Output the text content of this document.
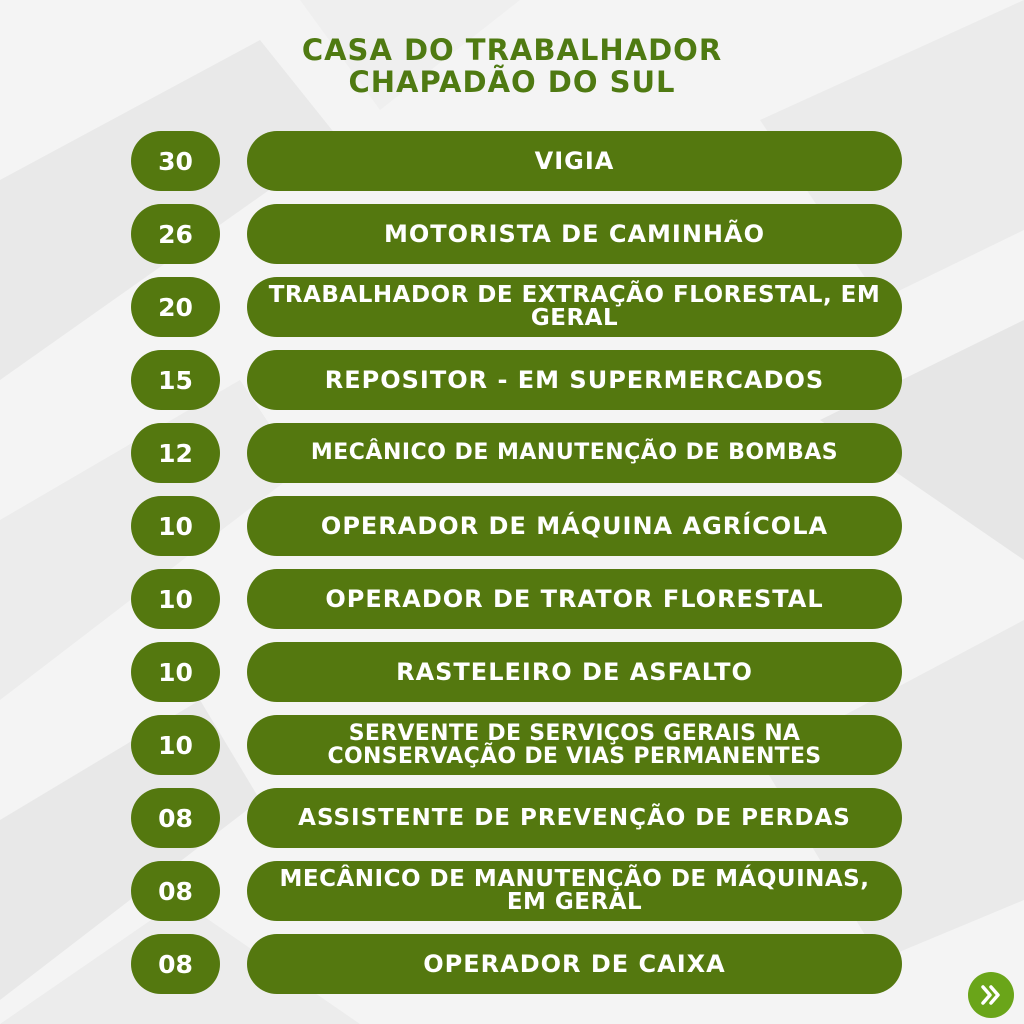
CASA DO TRABALHADOR
CHAPADÃO DO SUL
30	VIGIA
26	MOTORISTA DE CAMINHÃO
20	TRABALHADOR DE EXTRAÇÃO FLORESTAL, EM GERAL
15	REPOSITOR - EM SUPERMERCADOS
12	MECÂNICO DE MANUTENÇÃO DE BOMBAS
10	OPERADOR DE MÁQUINA AGRÍCOLA
10	OPERADOR DE TRATOR FLORESTAL
10	RASTELEIRO DE ASFALTO
10	SERVENTE DE SERVIÇOS GERAIS NA CONSERVAÇÃO DE VIAS PERMANENTES
08	ASSISTENTE DE PREVENÇÃO DE PERDAS
08	MECÂNICO DE MANUTENÇÃO DE MÁQUINAS, EM GERAL
08	OPERADOR DE CAIXA
